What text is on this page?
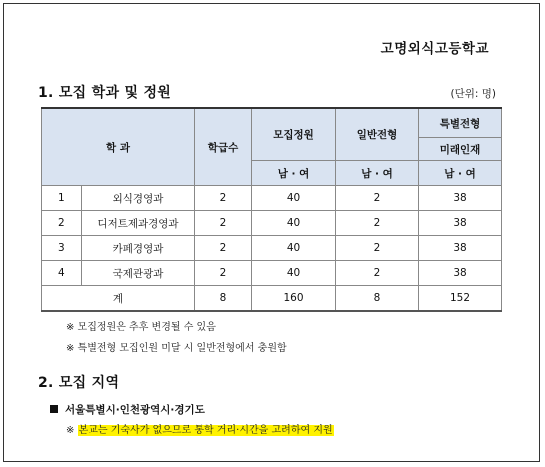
고명외식고등학교
1. 모집 학과 및 정원	(단위: 명)
학 과		학급수	모집정원	일반전형	특별전형
					미래인재
			남 · 여	남 · 여	남 · 여
1	외식경영과	2	40	2	38
2	디저트제과경영과	2	40	2	38
3	카페경영과	2	40	2	38
4	국제관광과	2	40	2	38
계		8	160	8	152
※ 모집정원은 추후 변경될 수 있음
※ 특별전형 모집인원 미달 시 일반전형에서 충원함
2. 모집 지역
서울특별시·인천광역시·경기도
※ 본교는 기숙사가 없으므로 통학 거리·시간을 고려하여 지원
